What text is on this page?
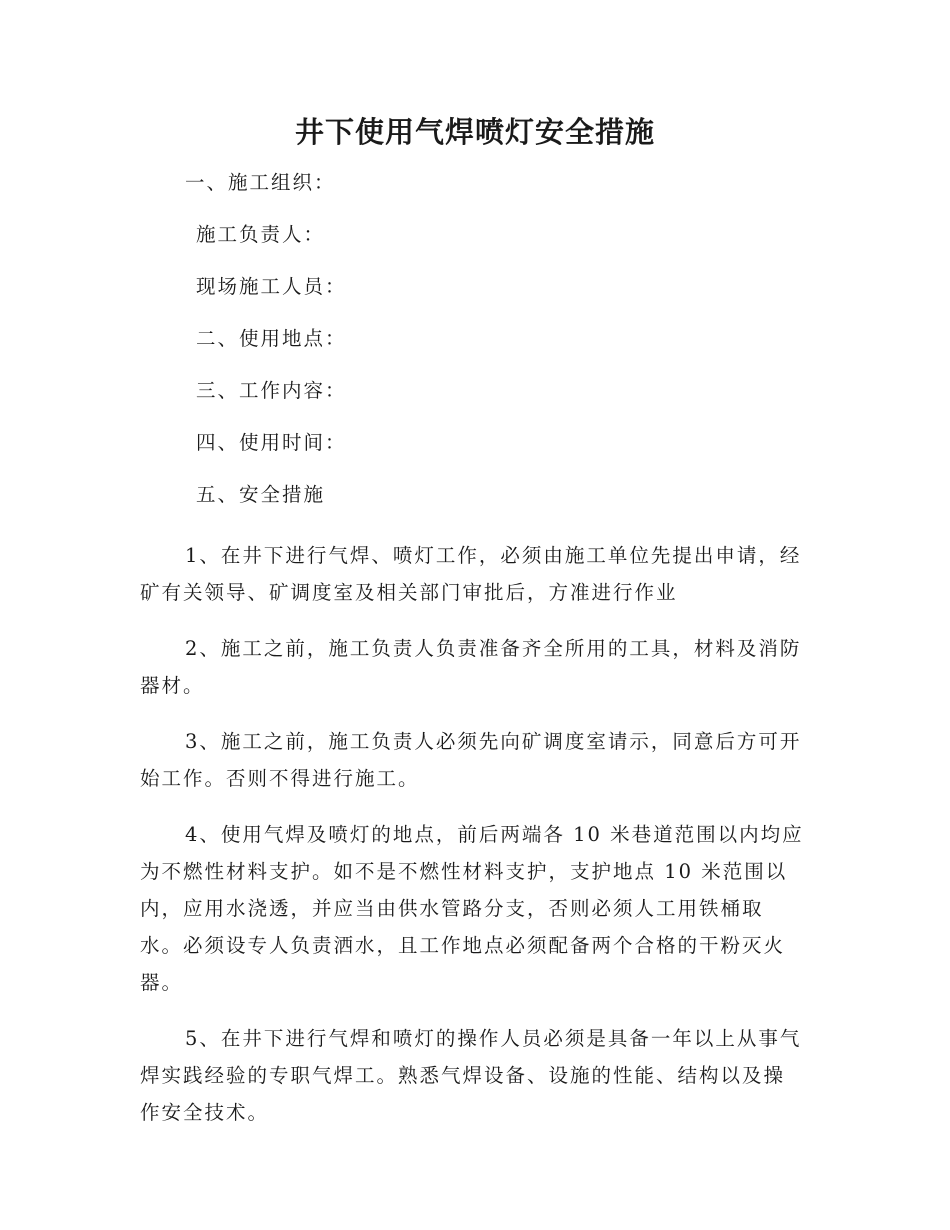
井下使用气焊喷灯安全措施

一、施工组织：

施工负责人：

现场施工人员：

二、使用地点：

三、工作内容：

四、使用时间：

五、安全措施

1、在井下进行气焊、喷灯工作，必须由施工单位先提出申请，经
矿有关领导、矿调度室及相关部门审批后，方准进行作业
2、施工之前，施工负责人负责准备齐全所用的工具，材料及消防
器材。
3、施工之前，施工负责人必须先向矿调度室请示，同意后方可开
始工作。否则不得进行施工。
4、使用气焊及喷灯的地点，前后两端各 10 米巷道范围以内均应
为不燃性材料支护。如不是不燃性材料支护，支护地点 10 米范围以
内，应用水浇透，并应当由供水管路分支，否则必须人工用铁桶取
水。必须设专人负责洒水，且工作地点必须配备两个合格的干粉灭火
器。
5、在井下进行气焊和喷灯的操作人员必须是具备一年以上从事气
焊实践经验的专职气焊工。熟悉气焊设备、设施的性能、结构以及操
作安全技术。
